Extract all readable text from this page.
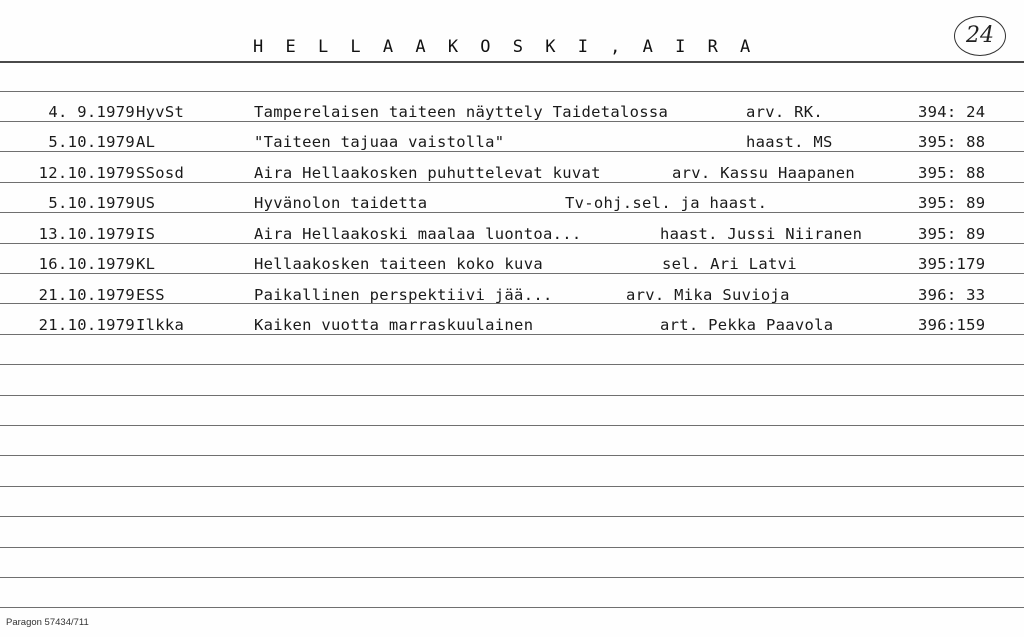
H E L L A A K O S K I , A I R A	24
4. 9.1979 HyvSt	Tamperelaisen taiteen näyttely Taidetalossa	arv. RK.	394: 24
5.10.1979 AL	"Taiteen tajuaa vaistolla"	haast. MS	395: 88
12.10.1979 SSosd	Aira Hellaakosken puhuttelevat kuvat	arv. Kassu Haapanen	395: 88
5.10.1979 US	Hyvänolon taidetta	Tv-ohj.sel. ja haast.	395: 89
13.10.1979 IS	Aira Hellaakoski maalaa luontoa...	haast. Jussi Niiranen	395: 89
16.10.1979 KL	Hellaakosken taiteen koko kuva	sel. Ari Latvi	395:179
21.10.1979 ESS	Paikallinen perspektiivi jää...	arv. Mika Suvioja	396: 33
21.10.1979 Ilkka	Kaiken vuotta marraskuulainen	art. Pekka Paavola	396:159
Paragon 57434/711
